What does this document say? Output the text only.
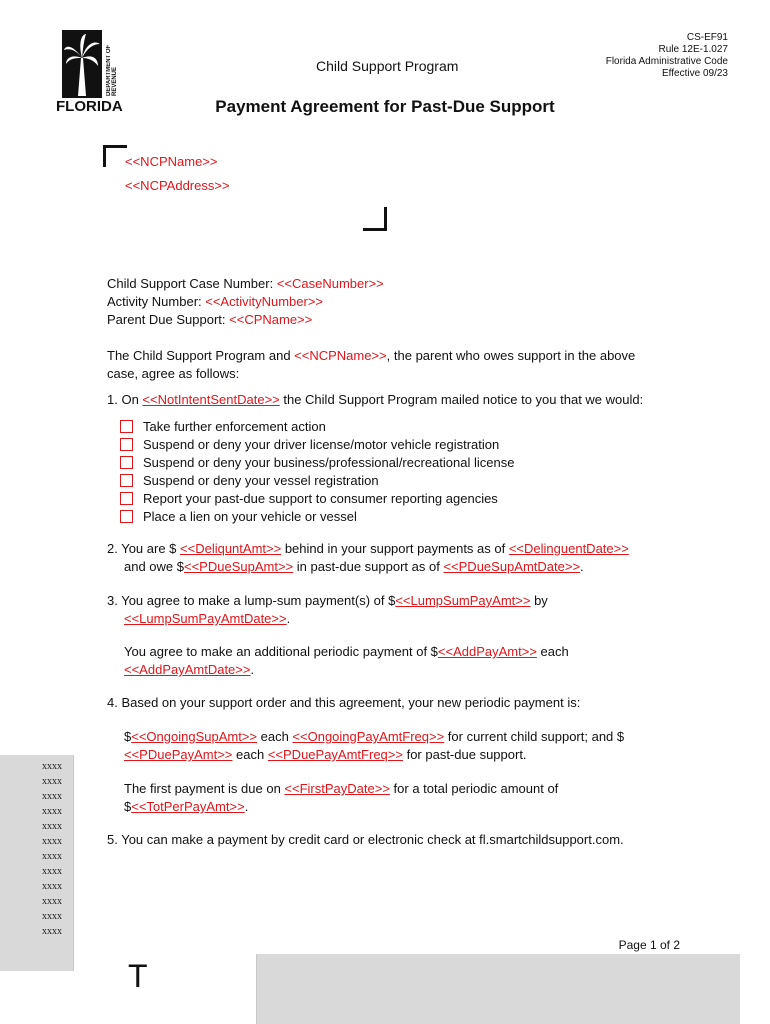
DEPARTMENT OF REVENUE
FLORIDA
Child Support Program
CS-EF91
Rule 12E-1.027
Florida Administrative Code
Effective 09/23
Payment Agreement for Past-Due Support
<<NCPName>>
<<NCPAddress>>
Child Support Case Number: <<CaseNumber>>
Activity Number: <<ActivityNumber>>
Parent Due Support: <<CPName>>
The Child Support Program and <<NCPName>>, the parent who owes support in the above
case, agree as follows:
1. On <<NotIntentSentDate>> the Child Support Program mailed notice to you that we would:
Take further enforcement action
Suspend or deny your driver license/motor vehicle registration
Suspend or deny your business/professional/recreational license
Suspend or deny your vessel registration
Report your past-due support to consumer reporting agencies
Place a lien on your vehicle or vessel
2. You are $ <<DeliquntAmt>> behind in your support payments as of <<DelinguentDate>>
and owe $<<PDueSupAmt>> in past-due support as of <<PDueSupAmtDate>>.
3. You agree to make a lump-sum payment(s) of $<<LumpSumPayAmt>> by
<<LumpSumPayAmtDate>>.
You agree to make an additional periodic payment of $<<AddPayAmt>> each
<<AddPayAmtDate>>.
4. Based on your support order and this agreement, your new periodic payment is:
$<<OngoingSupAmt>> each <<OngoingPayAmtFreq>> for current child support; and $
<<PDuePayAmt>> each <<PDuePayAmtFreq>> for past-due support.
The first payment is due on <<FirstPayDate>> for a total periodic amount of
$<<TotPerPayAmt>>.
5. You can make a payment by credit card or electronic check at fl.smartchildsupport.com.
xxxx
xxxx
xxxx
xxxx
xxxx
xxxx
xxxx
xxxx
xxxx
xxxx
xxxx
xxxx
Page 1 of 2
T
